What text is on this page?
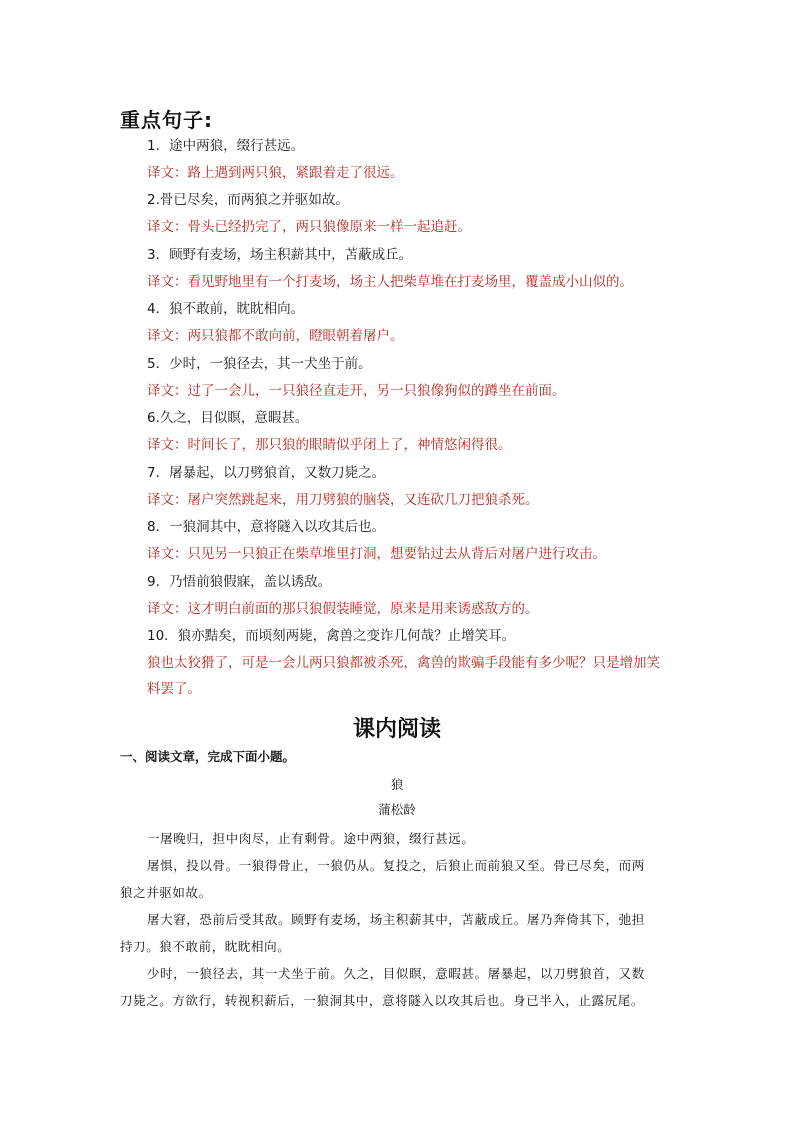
重点句子:
1．途中两狼，缀行甚远。
译文：路上遇到两只狼，紧跟着走了很远。
2.骨已尽矣，而两狼之并驱如故。
译文：骨头已经扔完了，两只狼像原来一样一起追赶。
3．顾野有麦场，场主积薪其中，苫蔽成丘。
译文：看见野地里有一个打麦场，场主人把柴草堆在打麦场里，覆盖成小山似的。
4．狼不敢前，眈眈相向。
译文：两只狼都不敢向前，瞪眼朝着屠户。
5．少时，一狼径去，其一犬坐于前。
译文：过了一会儿，一只狼径直走开，另一只狼像狗似的蹲坐在前面。
6.久之，目似瞑，意暇甚。
译文：时间长了，那只狼的眼睛似乎闭上了，神情悠闲得很。
7．屠暴起，以刀劈狼首，又数刀毙之。
译文：屠户突然跳起来，用刀劈狼的脑袋，又连砍几刀把狼杀死。
8．一狼洞其中，意将隧入以攻其后也。
译文：只见另一只狼正在柴草堆里打洞，想要钻过去从背后对屠户进行攻击。
9．乃悟前狼假寐，盖以诱敌。
译文：这才明白前面的那只狼假装睡觉，原来是用来诱惑敌方的。
10．狼亦黠矣，而顷刻两毙，禽兽之变诈几何哉？止增笑耳。
狼也太狡猾了，可是一会儿两只狼都被杀死，禽兽的欺骗手段能有多少呢？只是增加笑
料罢了。
课内阅读
一、阅读文章，完成下面小题。
狼
蒲松龄
一屠晚归，担中肉尽，止有剩骨。途中两狼，缀行甚远。
屠惧，投以骨。一狼得骨止，一狼仍从。复投之，后狼止而前狼又至。骨已尽矣，而两
狼之并驱如故。
屠大窘，恐前后受其敌。顾野有麦场，场主积薪其中，苫蔽成丘。屠乃奔倚其下，弛担
持刀。狼不敢前，眈眈相向。
少时，一狼径去，其一犬坐于前。久之，目似瞑，意暇甚。屠暴起，以刀劈狼首，又数
刀毙之。方欲行，转视积薪后，一狼洞其中，意将隧入以攻其后也。身已半入，止露尻尾。
